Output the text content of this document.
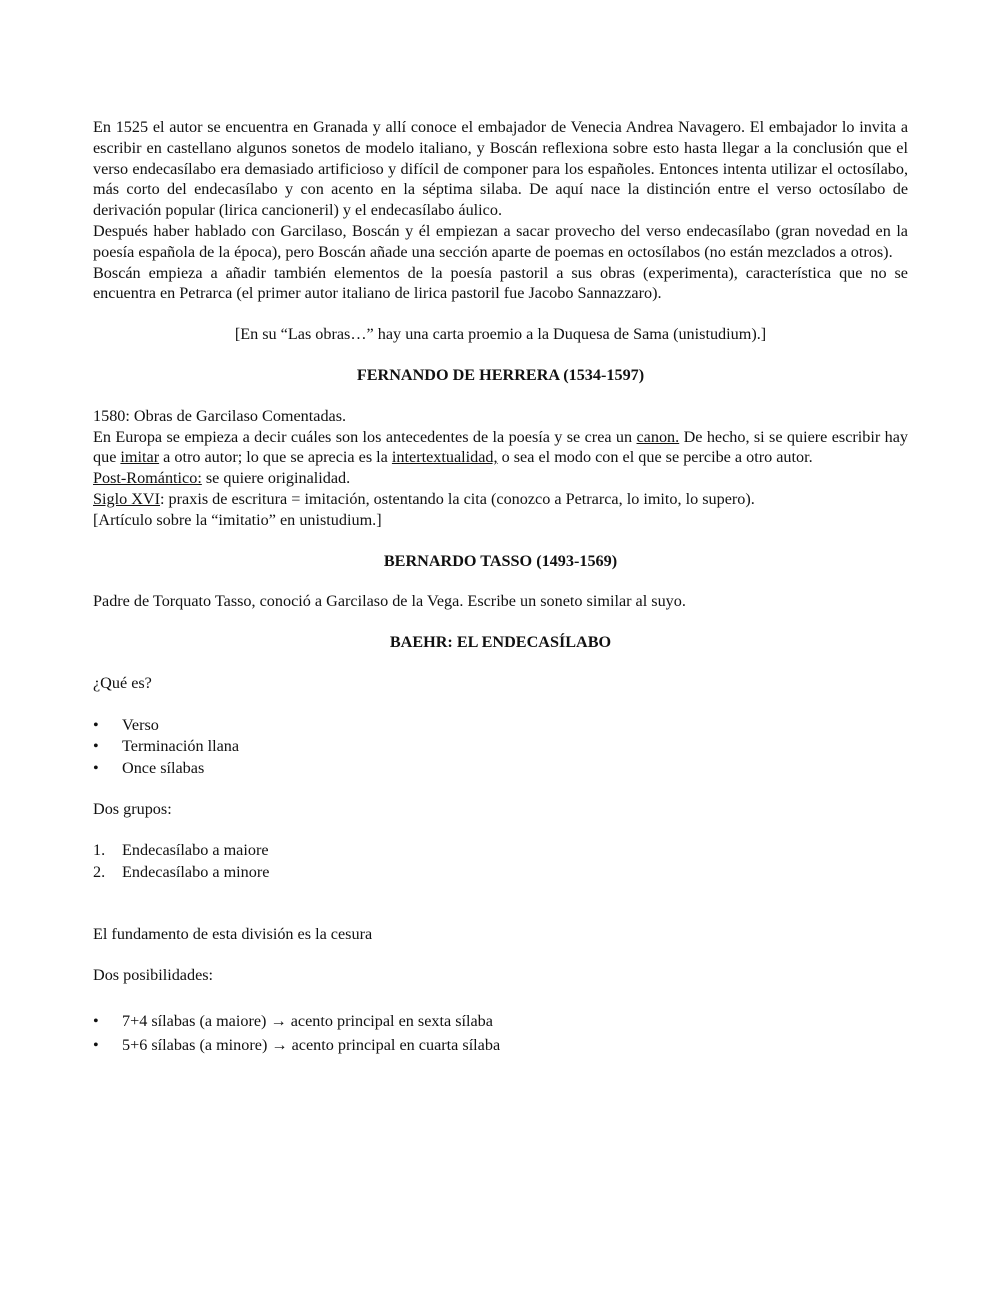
En 1525 el autor se encuentra en Granada y allí conoce el embajador de Venecia Andrea Navagero. El embajador lo invita a escribir en castellano algunos sonetos de modelo italiano, y Boscán reflexiona sobre esto hasta llegar a la conclusión que el verso endecasílabo era demasiado artificioso y difícil de componer para los españoles. Entonces intenta utilizar el octosílabo, más corto del endecasílabo y con acento en la séptima silaba. De aquí nace la distinción entre el verso octosílabo de derivación popular (lirica cancioneril) y el endecasílabo áulico.

Después haber hablado con Garcilaso, Boscán y él empiezan a sacar provecho del verso endecasílabo (gran novedad en la poesía española de la época), pero Boscán añade una sección aparte de poemas en octosílabos (no están mezclados a otros).

Boscán empieza a añadir también elementos de la poesía pastoril a sus obras (experimenta), característica que no se encuentra en Petrarca (el primer autor italiano de lirica pastoril fue Jacobo Sannazzaro).

[En su “Las obras…” hay una carta proemio a la Duquesa de Sama (unistudium).]

FERNANDO DE HERRERA (1534-1597)

1580: Obras de Garcilaso Comentadas.

En Europa se empieza a decir cuáles son los antecedentes de la poesía y se crea un canon. De hecho, si se quiere escribir hay que imitar a otro autor; lo que se aprecia es la intertextualidad, o sea el modo con el que se percibe a otro autor.

Post-Romántico: se quiere originalidad.

Siglo XVI: praxis de escritura = imitación, ostentando la cita (conozco a Petrarca, lo imito, lo supero).

[Artículo sobre la “imitatio” en unistudium.]

BERNARDO TASSO (1493-1569)

Padre de Torquato Tasso, conoció a Garcilaso de la Vega. Escribe un soneto similar al suyo.

BAEHR: EL ENDECASÍLABO

¿Qué es?

• Verso
• Terminación llana
• Once sílabas

Dos grupos:

1. Endecasílabo a maiore
2. Endecasílabo a minore

El fundamento de esta división es la cesura

Dos posibilidades:

• 7+4 sílabas (a maiore) → acento principal en sexta sílaba
• 5+6 sílabas (a minore) → acento principal en cuarta sílaba
